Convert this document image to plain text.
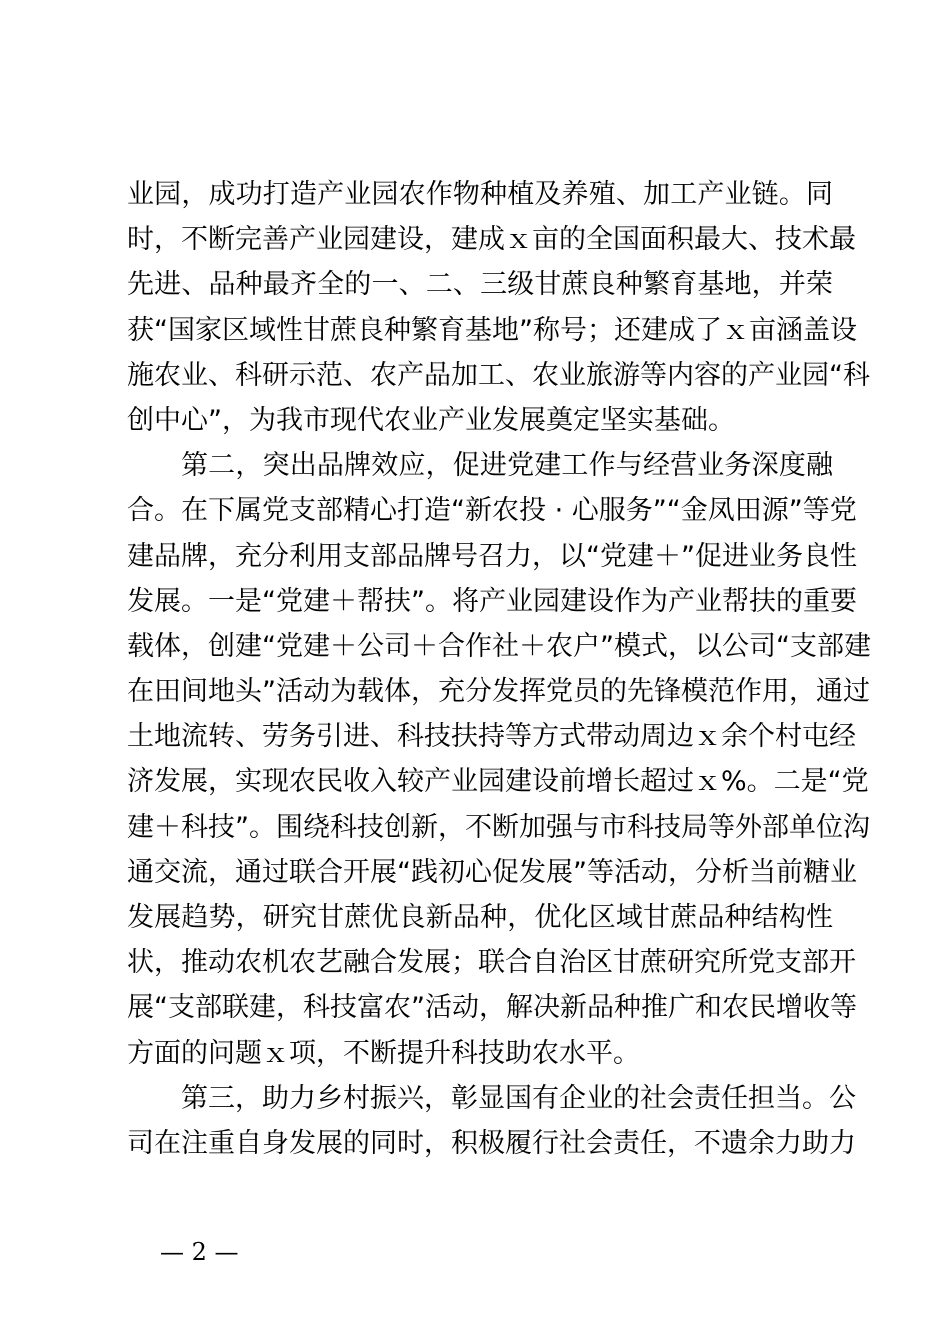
业园，成功打造产业园农作物种植及养殖、加工产业链。同
时，不断完善产业园建设，建成ｘ亩的全国面积最大、技术最
先进、品种最齐全的一、二、三级甘蔗良种繁育基地，并荣
获“国家区域性甘蔗良种繁育基地”称号；还建成了ｘ亩涵盖设
施农业、科研示范、农产品加工、农业旅游等内容的产业园“科
创中心”，为我市现代农业产业发展奠定坚实基础。
第二，突出品牌效应，促进党建工作与经营业务深度融
合。在下属党支部精心打造“新农投 · 心服务”“金凤田源”等党
建品牌，充分利用支部品牌号召力，以“党建＋”促进业务良性
发展。一是“党建＋帮扶”。将产业园建设作为产业帮扶的重要
载体，创建“党建＋公司＋合作社＋农户”模式，以公司“支部建
在田间地头”活动为载体，充分发挥党员的先锋模范作用，通过
土地流转、劳务引进、科技扶持等方式带动周边ｘ余个村屯经
济发展，实现农民收入较产业园建设前增长超过ｘ%。二是“党
建＋科技”。围绕科技创新，不断加强与市科技局等外部单位沟
通交流，通过联合开展“践初心促发展”等活动，分析当前糖业
发展趋势，研究甘蔗优良新品种，优化区域甘蔗品种结构性
状，推动农机农艺融合发展；联合自治区甘蔗研究所党支部开
展“支部联建，科技富农”活动，解决新品种推广和农民增收等
方面的问题ｘ项，不断提升科技助农水平。
第三，助力乡村振兴，彰显国有企业的社会责任担当。公
司在注重自身发展的同时，积极履行社会责任，不遗余力助力
— 2 —
